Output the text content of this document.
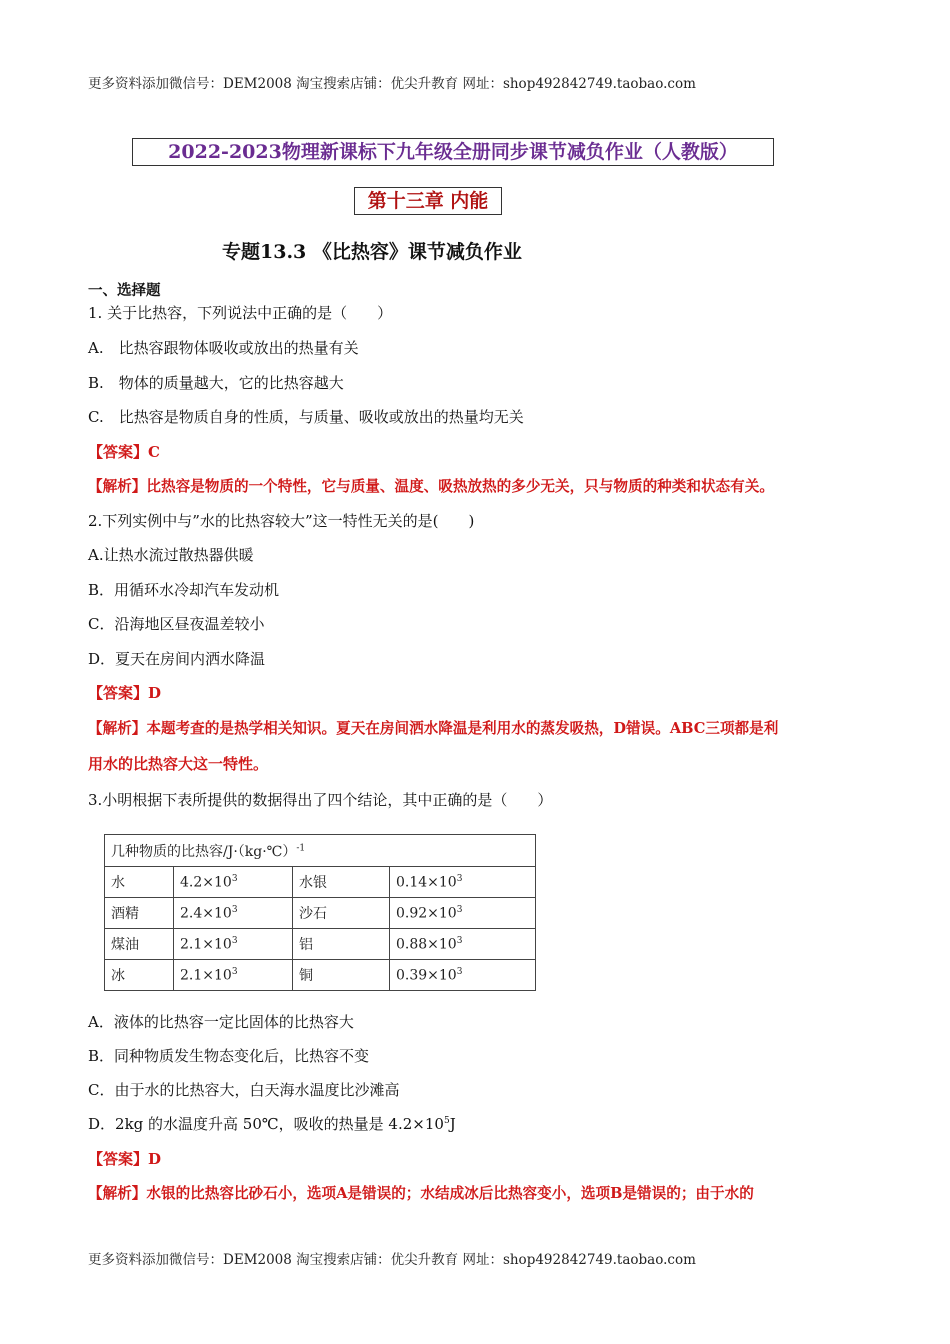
更多资料添加微信号：DEM2008 淘宝搜索店铺：优尖升教育 网址：shop492842749.taobao.com
2022-2023物理新课标下九年级全册同步课节减负作业（人教版）
第十三章 内能
专题13.3 《比热容》课节减负作业
一、选择题
1. 关于比热容，下列说法中正确的是（　　）
A.　比热容跟物体吸收或放出的热量有关
B.　物体的质量越大，它的比热容越大
C.　比热容是物质自身的性质，与质量、吸收或放出的热量均无关
【答案】C
【解析】比热容是物质的一个特性，它与质量、温度、吸热放热的多少无关，只与物质的种类和状态有关。
2.下列实例中与”水的比热容较大”这一特性无关的是(　　)
A.让热水流过散热器供暖
B．用循环水冷却汽车发动机
C．沿海地区昼夜温差较小
D．夏天在房间内洒水降温
【答案】D
【解析】本题考查的是热学相关知识。夏天在房间洒水降温是利用水的蒸发吸热，D错误。ABC三项都是利
用水的比热容大这一特性。
3.小明根据下表所提供的数据得出了四个结论，其中正确的是（　　）
几种物质的比热容/J·（kg·℃）$^{-1}$
水	$4.2\times 10^3$	水银	$0.14\times 10^3$
酒精	$2.4\times 10^3$	沙石	$0.92\times 10^3$
煤油	$2.1\times 10^3$	铝	$0.88\times 10^3$
冰	$2.1\times 10^3$	铜	$0.39\times 10^3$
A．液体的比热容一定比固体的比热容大
B．同种物质发生物态变化后，比热容不变
C．由于水的比热容大，白天海水温度比沙滩高
D．2kg 的水温度升高 50℃，吸收的热量是 $4.2\times 10^5J$
【答案】D
【解析】水银的比热容比砂石小，选项A是错误的；水结成冰后比热容变小，选项B是错误的；由于水的
更多资料添加微信号：DEM2008 淘宝搜索店铺：优尖升教育 网址：shop492842749.taobao.com
